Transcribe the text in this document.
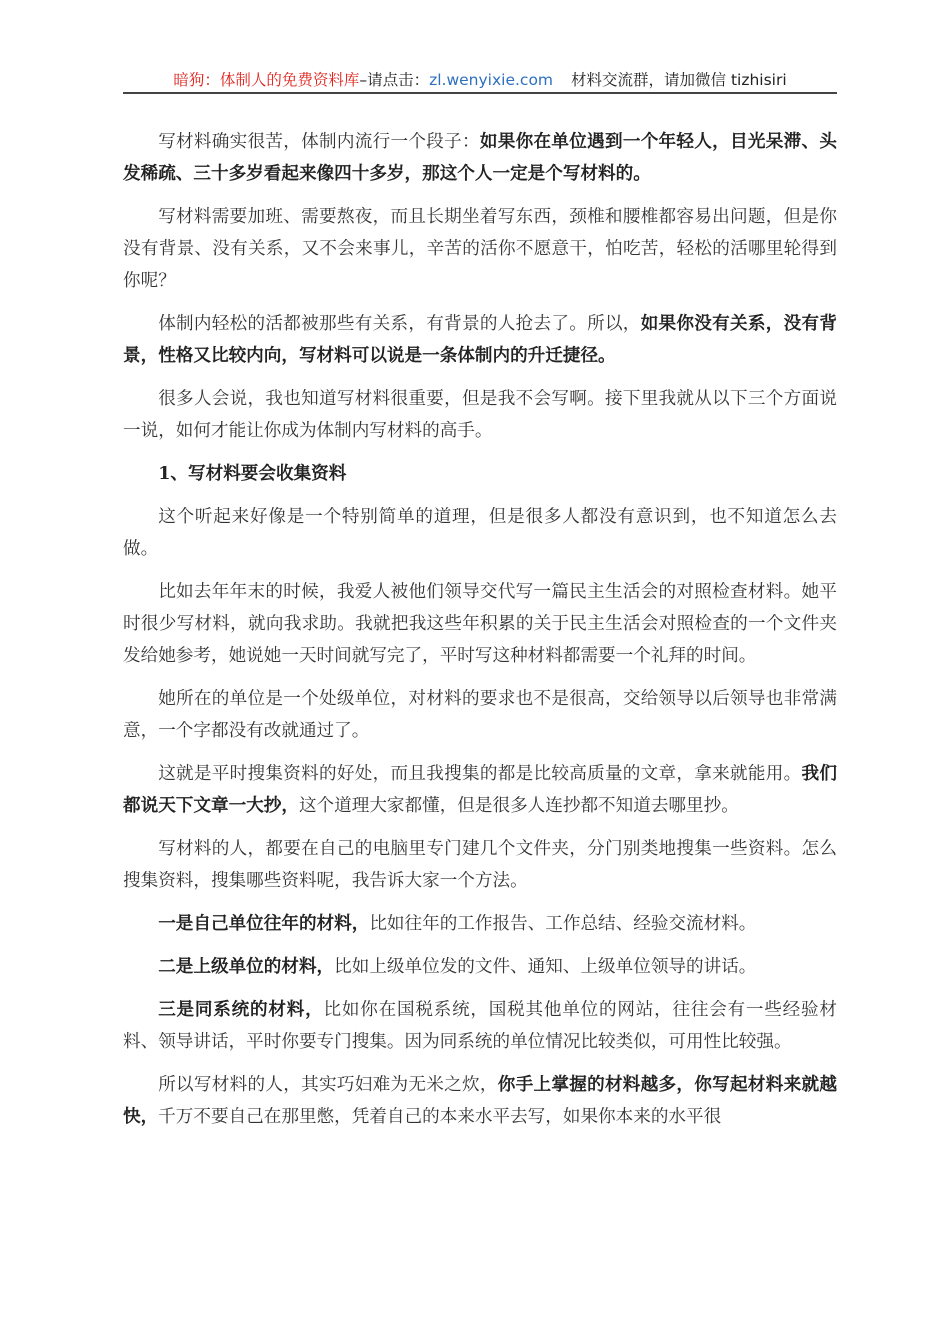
暗狗：体制人的免费资料库–请点击：zl.wenyixie.com 材料交流群，请加微信 tizhisiri

写材料确实很苦，体制内流行一个段子：如果你在单位遇到一个年轻人，目光呆滞、头发稀疏、三十多岁看起来像四十多岁，那这个人一定是个写材料的。

写材料需要加班、需要熬夜，而且长期坐着写东西，颈椎和腰椎都容易出问题，但是你没有背景、没有关系，又不会来事儿，辛苦的活你不愿意干，怕吃苦，轻松的活哪里轮得到你呢？

体制内轻松的活都被那些有关系，有背景的人抢去了。所以，如果你没有关系，没有背景，性格又比较内向，写材料可以说是一条体制内的升迁捷径。

很多人会说，我也知道写材料很重要，但是我不会写啊。接下里我就从以下三个方面说一说，如何才能让你成为体制内写材料的高手。

1、写材料要会收集资料

这个听起来好像是一个特别简单的道理，但是很多人都没有意识到，也不知道怎么去做。

比如去年年末的时候，我爱人被他们领导交代写一篇民主生活会的对照检查材料。她平时很少写材料，就向我求助。我就把我这些年积累的关于民主生活会对照检查的一个文件夹发给她参考，她说她一天时间就写完了，平时写这种材料都需要一个礼拜的时间。

她所在的单位是一个处级单位，对材料的要求也不是很高，交给领导以后领导也非常满意，一个字都没有改就通过了。

这就是平时搜集资料的好处，而且我搜集的都是比较高质量的文章，拿来就能用。我们都说天下文章一大抄，这个道理大家都懂，但是很多人连抄都不知道去哪里抄。

写材料的人，都要在自己的电脑里专门建几个文件夹，分门别类地搜集一些资料。怎么搜集资料，搜集哪些资料呢，我告诉大家一个方法。

一是自己单位往年的材料，比如往年的工作报告、工作总结、经验交流材料。

二是上级单位的材料，比如上级单位发的文件、通知、上级单位领导的讲话。

三是同系统的材料，比如你在国税系统，国税其他单位的网站，往往会有一些经验材料、领导讲话，平时你要专门搜集。因为同系统的单位情况比较类似，可用性比较强。

所以写材料的人，其实巧妇难为无米之炊，你手上掌握的材料越多，你写起材料来就越快，千万不要自己在那里憋，凭着自己的本来水平去写，如果你本来的水平很
